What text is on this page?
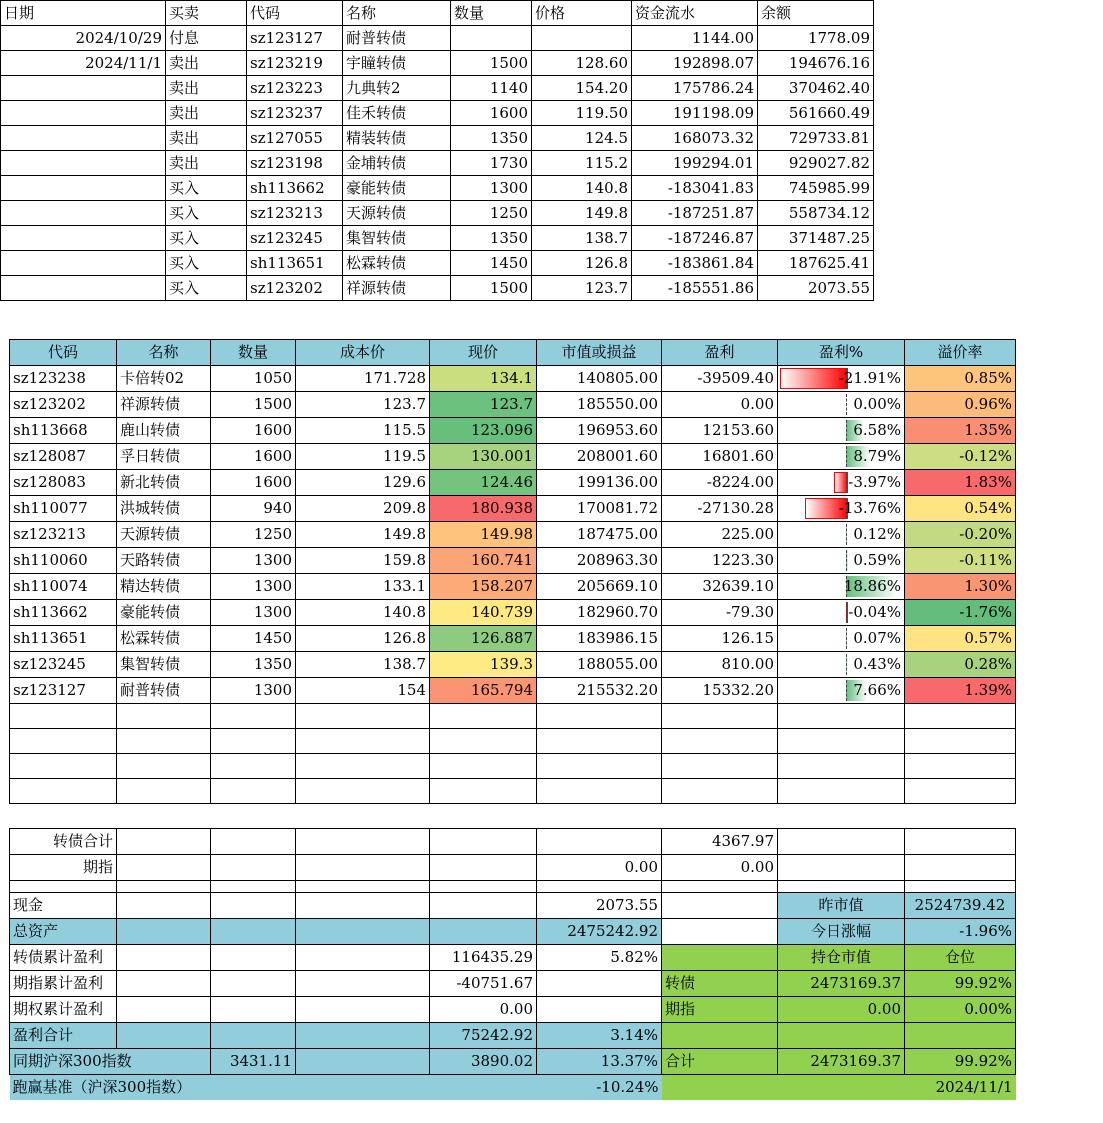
日期	买卖	代码	名称	数量	价格	资金流水	余额
2024/10/29	付息	sz123127	耐普转债			1144.00	1778.09
2024/11/1	卖出	sz123219	宇瞳转债	1500	128.60	192898.07	194676.16
	卖出	sz123223	九典转2	1140	154.20	175786.24	370462.40
	卖出	sz123237	佳禾转债	1600	119.50	191198.09	561660.49
	卖出	sz127055	精装转债	1350	124.5	168073.32	729733.81
	卖出	sz123198	金埔转债	1730	115.2	199294.01	929027.82
	买入	sh113662	豪能转债	1300	140.8	-183041.83	745985.99
	买入	sz123213	天源转债	1250	149.8	-187251.87	558734.12
	买入	sz123245	集智转债	1350	138.7	-187246.87	371487.25
	买入	sh113651	松霖转债	1450	126.8	-183861.84	187625.41
	买入	sz123202	祥源转债	1500	123.7	-185551.86	2073.55
代码	名称	数量	成本价	现价	市值或损益	盈利	盈利%	溢价率
sz123238	卡倍转02	1050	171.728	134.1	140805.00	-39509.40	-21.91%	0.85%
sz123202	祥源转债	1500	123.7	123.7	185550.00	0.00	0.00%	0.96%
sh113668	鹿山转债	1600	115.5	123.096	196953.60	12153.60	6.58%	1.35%
sz128087	孚日转债	1600	119.5	130.001	208001.60	16801.60	8.79%	-0.12%
sz128083	新北转债	1600	129.6	124.46	199136.00	-8224.00	-3.97%	1.83%
sh110077	洪城转债	940	209.8	180.938	170081.72	-27130.28	-13.76%	0.54%
sz123213	天源转债	1250	149.8	149.98	187475.00	225.00	0.12%	-0.20%
sh110060	天路转债	1300	159.8	160.741	208963.30	1223.30	0.59%	-0.11%
sh110074	精达转债	1300	133.1	158.207	205669.10	32639.10	18.86%	1.30%
sh113662	豪能转债	1300	140.8	140.739	182960.70	-79.30	-0.04%	-1.76%
sh113651	松霖转债	1450	126.8	126.887	183986.15	126.15	0.07%	0.57%
sz123245	集智转债	1350	138.7	139.3	188055.00	810.00	0.43%	0.28%
sz123127	耐普转债	1300	154	165.794	215532.20	15332.20	7.66%	1.39%

转债合计						4367.97		
期指					0.00	0.00		

现金					2073.55		昨市值	2524739.42
总资产					2475242.92		今日涨幅	-1.96%
转债累计盈利				116435.29	5.82%		持仓市值	仓位
期指累计盈利				-40751.67		转债	2473169.37	99.92%
期权累计盈利				0.00		期指	0.00	0.00%
盈利合计				75242.92	3.14%			
同期沪深300指数		3431.11		3890.02	13.37%	合计	2473169.37	99.92%
跑赢基准（沪深300指数）					-10.24%	2024/11/1		
